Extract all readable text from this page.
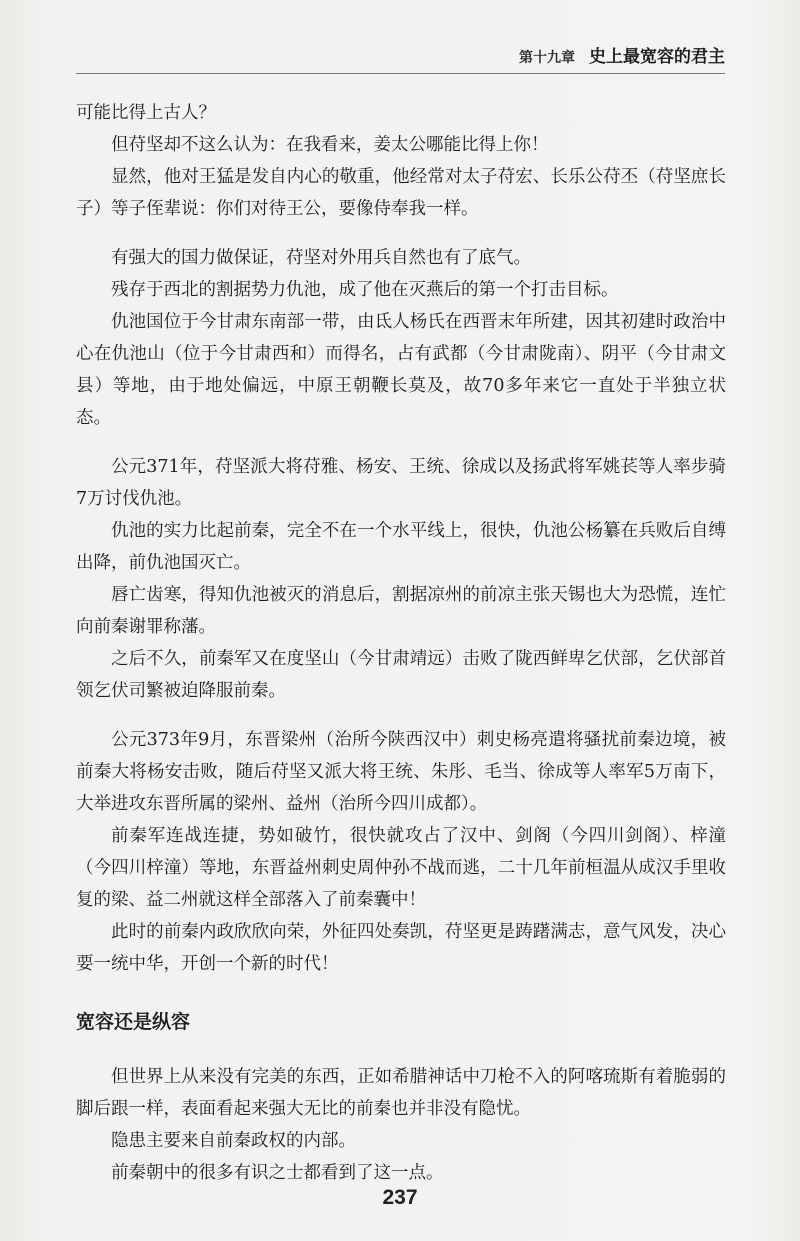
第十九章 史上最宽容的君主

可能比得上古人？

但苻坚却不这么认为：在我看来，姜太公哪能比得上你！

显然，他对王猛是发自内心的敬重，他经常对太子苻宏、长乐公苻丕（苻坚庶长子）等子侄辈说：你们对待王公，要像侍奉我一样。

有强大的国力做保证，苻坚对外用兵自然也有了底气。

残存于西北的割据势力仇池，成了他在灭燕后的第一个打击目标。

仇池国位于今甘肃东南部一带，由氐人杨氏在西晋末年所建，因其初建时政治中心在仇池山（位于今甘肃西和）而得名，占有武都（今甘肃陇南）、阴平（今甘肃文县）等地，由于地处偏远，中原王朝鞭长莫及，故70多年来它一直处于半独立状态。

公元371年，苻坚派大将苻雅、杨安、王统、徐成以及扬武将军姚苌等人率步骑7万讨伐仇池。

仇池的实力比起前秦，完全不在一个水平线上，很快，仇池公杨纂在兵败后自缚出降，前仇池国灭亡。

唇亡齿寒，得知仇池被灭的消息后，割据凉州的前凉主张天锡也大为恐慌，连忙向前秦谢罪称藩。

之后不久，前秦军又在度坚山（今甘肃靖远）击败了陇西鲜卑乞伏部，乞伏部首领乞伏司繁被迫降服前秦。

公元373年9月，东晋梁州（治所今陕西汉中）刺史杨亮遣将骚扰前秦边境，被前秦大将杨安击败，随后苻坚又派大将王统、朱彤、毛当、徐成等人率军5万南下，大举进攻东晋所属的梁州、益州（治所今四川成都）。

前秦军连战连捷，势如破竹，很快就攻占了汉中、剑阁（今四川剑阁）、梓潼（今四川梓潼）等地，东晋益州刺史周仲孙不战而逃，二十几年前桓温从成汉手里收复的梁、益二州就这样全部落入了前秦囊中！

此时的前秦内政欣欣向荣，外征四处奏凯，苻坚更是踌躇满志，意气风发，决心要一统中华，开创一个新的时代！

宽容还是纵容

但世界上从来没有完美的东西，正如希腊神话中刀枪不入的阿喀琉斯有着脆弱的脚后跟一样，表面看起来强大无比的前秦也并非没有隐忧。

隐患主要来自前秦政权的内部。

前秦朝中的很多有识之士都看到了这一点。

237
